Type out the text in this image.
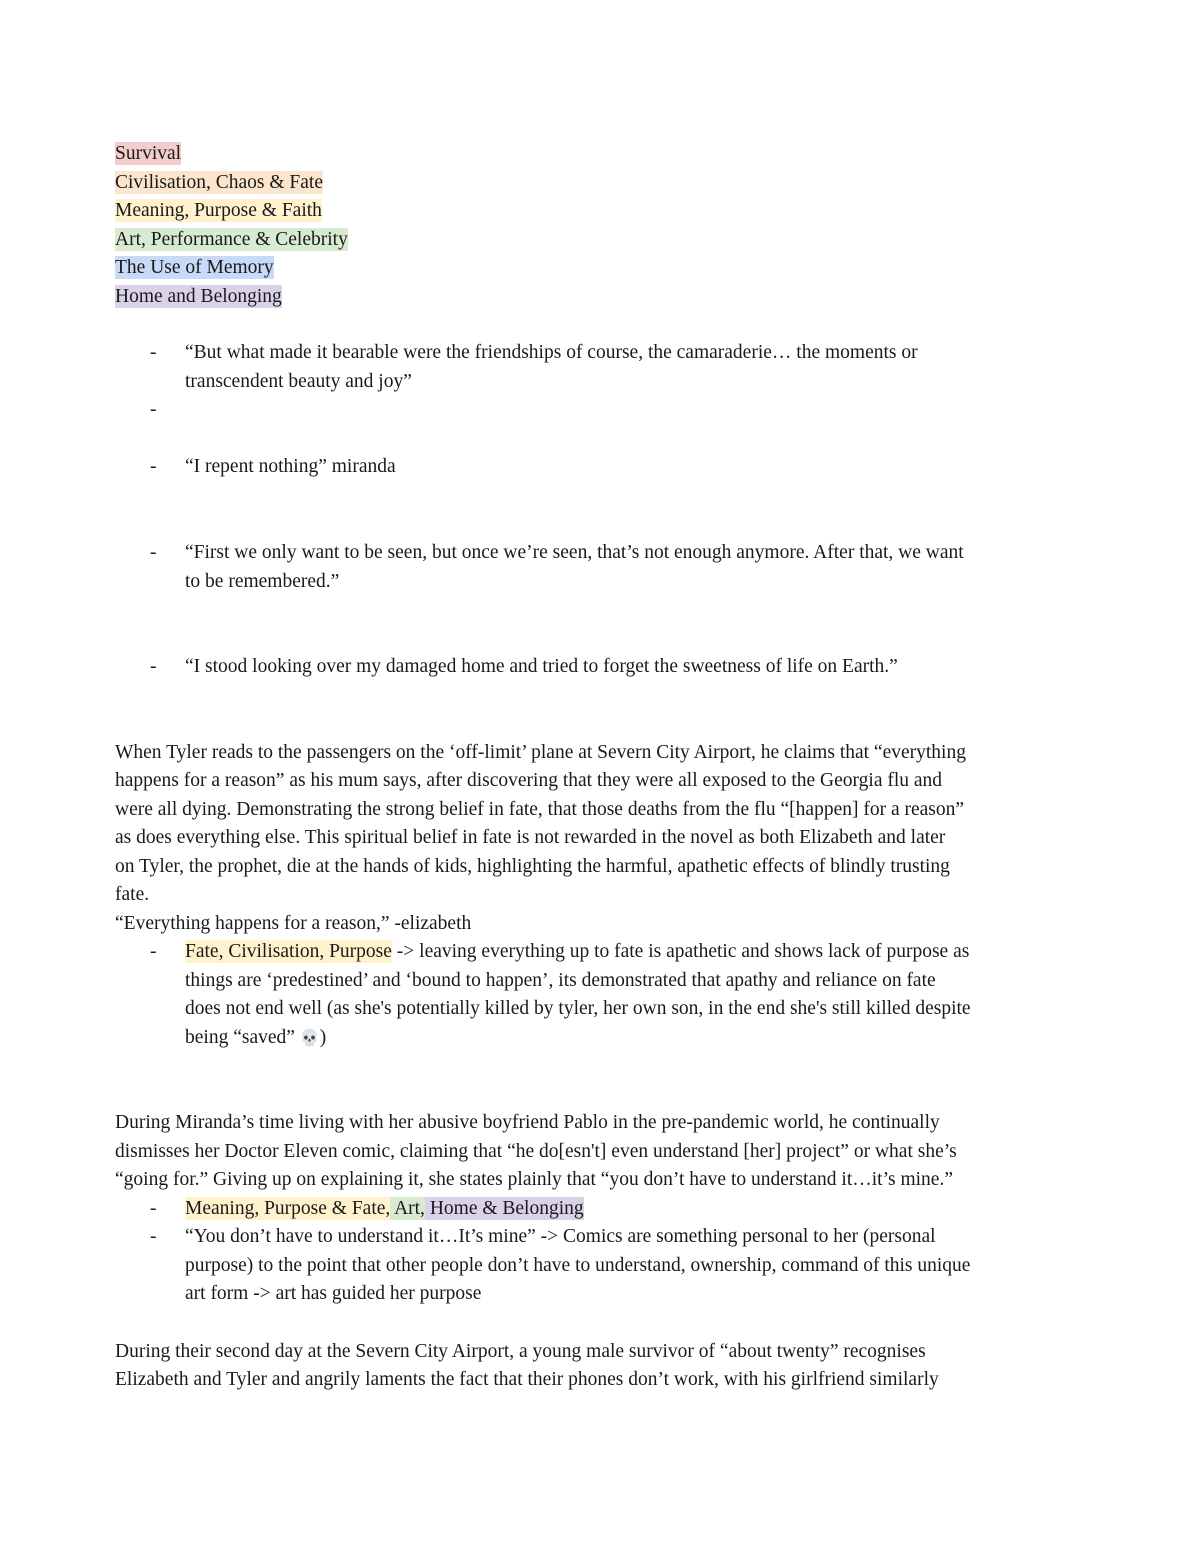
Survival
Civilisation, Chaos & Fate
Meaning, Purpose & Faith
Art, Performance & Celebrity
The Use of Memory
Home and Belonging
- “But what made it bearable were the friendships of course, the camaraderie… the moments or
transcendent beauty and joy”
-

- “I repent nothing” miranda
- “First we only want to be seen, but once we’re seen, that’s not enough anymore. After that, we want
to be remembered.”
- “I stood looking over my damaged home and tried to forget the sweetness of life on Earth.”
When Tyler reads to the passengers on the ‘off-limit’ plane at Severn City Airport, he claims that “everything
happens for a reason” as his mum says, after discovering that they were all exposed to the Georgia flu and
were all dying. Demonstrating the strong belief in fate, that those deaths from the flu “[happen] for a reason”
as does everything else. This spiritual belief in fate is not rewarded in the novel as both Elizabeth and later
on Tyler, the prophet, die at the hands of kids, highlighting the harmful, apathetic effects of blindly trusting
fate.
“Everything happens for a reason,” -elizabeth
- Fate, Civilisation, Purpose -> leaving everything up to fate is apathetic and shows lack of purpose as
things are ‘predestined’ and ‘bound to happen’, its demonstrated that apathy and reliance on fate
does not end well (as she's potentially killed by tyler, her own son, in the end she's still killed despite
being “saved” 💀)
During Miranda’s time living with her abusive boyfriend Pablo in the pre-pandemic world, he continually
dismisses her Doctor Eleven comic, claiming that “he do[esn't] even understand [her] project” or what she’s
“going for.” Giving up on explaining it, she states plainly that “you don’t have to understand it…it’s mine.”
- Meaning, Purpose & Fate, Art, Home & Belonging
- “You don’t have to understand it…It’s mine” -> Comics are something personal to her (personal
purpose) to the point that other people don’t have to understand, ownership, command of this unique
art form -> art has guided her purpose
During their second day at the Severn City Airport, a young male survivor of “about twenty” recognises
Elizabeth and Tyler and angrily laments the fact that their phones don’t work, with his girlfriend similarly
